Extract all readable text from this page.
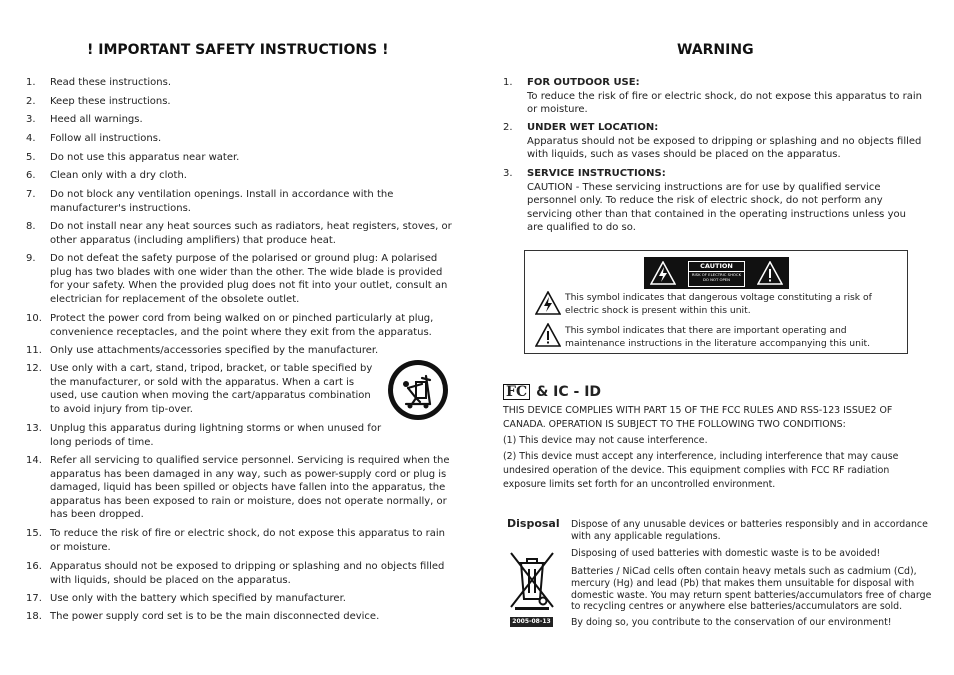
! IMPORTANT SAFETY INSTRUCTIONS !
1. Read these instructions.
2. Keep these instructions.
3. Heed all warnings.
4. Follow all instructions.
5. Do not use this apparatus near water.
6. Clean only with a dry cloth.
7. Do not block any ventilation openings. Install in accordance with the manufacturer's instructions.
8. Do not install near any heat sources such as radiators, heat registers, stoves, or other apparatus (including amplifiers) that produce heat.
9. Do not defeat the safety purpose of the polarised or ground plug: A polarised plug has two blades with one wider than the other. The wide blade is provided for your safety. When the provided plug does not fit into your outlet, consult an electrician for replacement of the obsolete outlet.
10. Protect the power cord from being walked on or pinched particularly at plug, convenience receptacles, and the point where they exit from the apparatus.
11. Only use attachments/accessories specified by the manufacturer.
12. Use only with a cart, stand, tripod, bracket, or table specified by the manufacturer, or sold with the apparatus. When a cart is used, use caution when moving the cart/apparatus combination to avoid injury from tip-over.
13. Unplug this apparatus during lightning storms or when unused for long periods of time.
14. Refer all servicing to qualified service personnel. Servicing is required when the apparatus has been damaged in any way, such as power-supply cord or plug is damaged, liquid has been spilled or objects have fallen into the apparatus, the apparatus has been exposed to rain or moisture, does not operate normally, or has been dropped.
15. To reduce the risk of fire or electric shock, do not expose this apparatus to rain or moisture.
16. Apparatus should not be exposed to dripping or splashing and no objects filled with liquids, should be placed on the apparatus.
17. Use only with the battery which specified by manufacturer.
18. The power supply cord set is to be the main disconnected device.
WARNING
1. FOR OUTDOOR USE:
To reduce the risk of fire or electric shock, do not expose this apparatus to rain or moisture.
2. UNDER WET LOCATION:
Apparatus should not be exposed to dripping or splashing and no objects filled with liquids, such as vases should be placed on the apparatus.
3. SERVICE INSTRUCTIONS:
CAUTION - These servicing instructions are for use by qualified service personnel only. To reduce the risk of electric shock, do not perform any servicing other than that contained in the operating instructions unless you are qualified to do so.
CAUTION
RISK OF ELECTRIC SHOCK
DO NOT OPEN
This symbol indicates that dangerous voltage constituting a risk of electric shock is present within this unit.
This symbol indicates that there are important operating and maintenance instructions in the literature accompanying this unit.
FC & IC - ID
THIS DEVICE COMPLIES WITH PART 15 OF THE FCC RULES AND RSS-123 ISSUE2 OF CANADA. OPERATION IS SUBJECT TO THE FOLLOWING TWO CONDITIONS:
(1) This device may not cause interference.
(2) This device must accept any interference, including interference that may cause undesired operation of the device. This equipment complies with FCC RF radiation exposure limits set forth for an uncontrolled environment.
Disposal Dispose of any unusable devices or batteries responsibly and in accordance with any applicable regulations.
Disposing of used batteries with domestic waste is to be avoided!
Batteries / NiCad cells often contain heavy metals such as cadmium (Cd), mercury (Hg) and lead (Pb) that makes them unsuitable for disposal with domestic waste. You may return spent batteries/accumulators free of charge to recycling centres or anywhere else batteries/accumulators are sold.
By doing so, you contribute to the conservation of our environment!
2005-08-13
